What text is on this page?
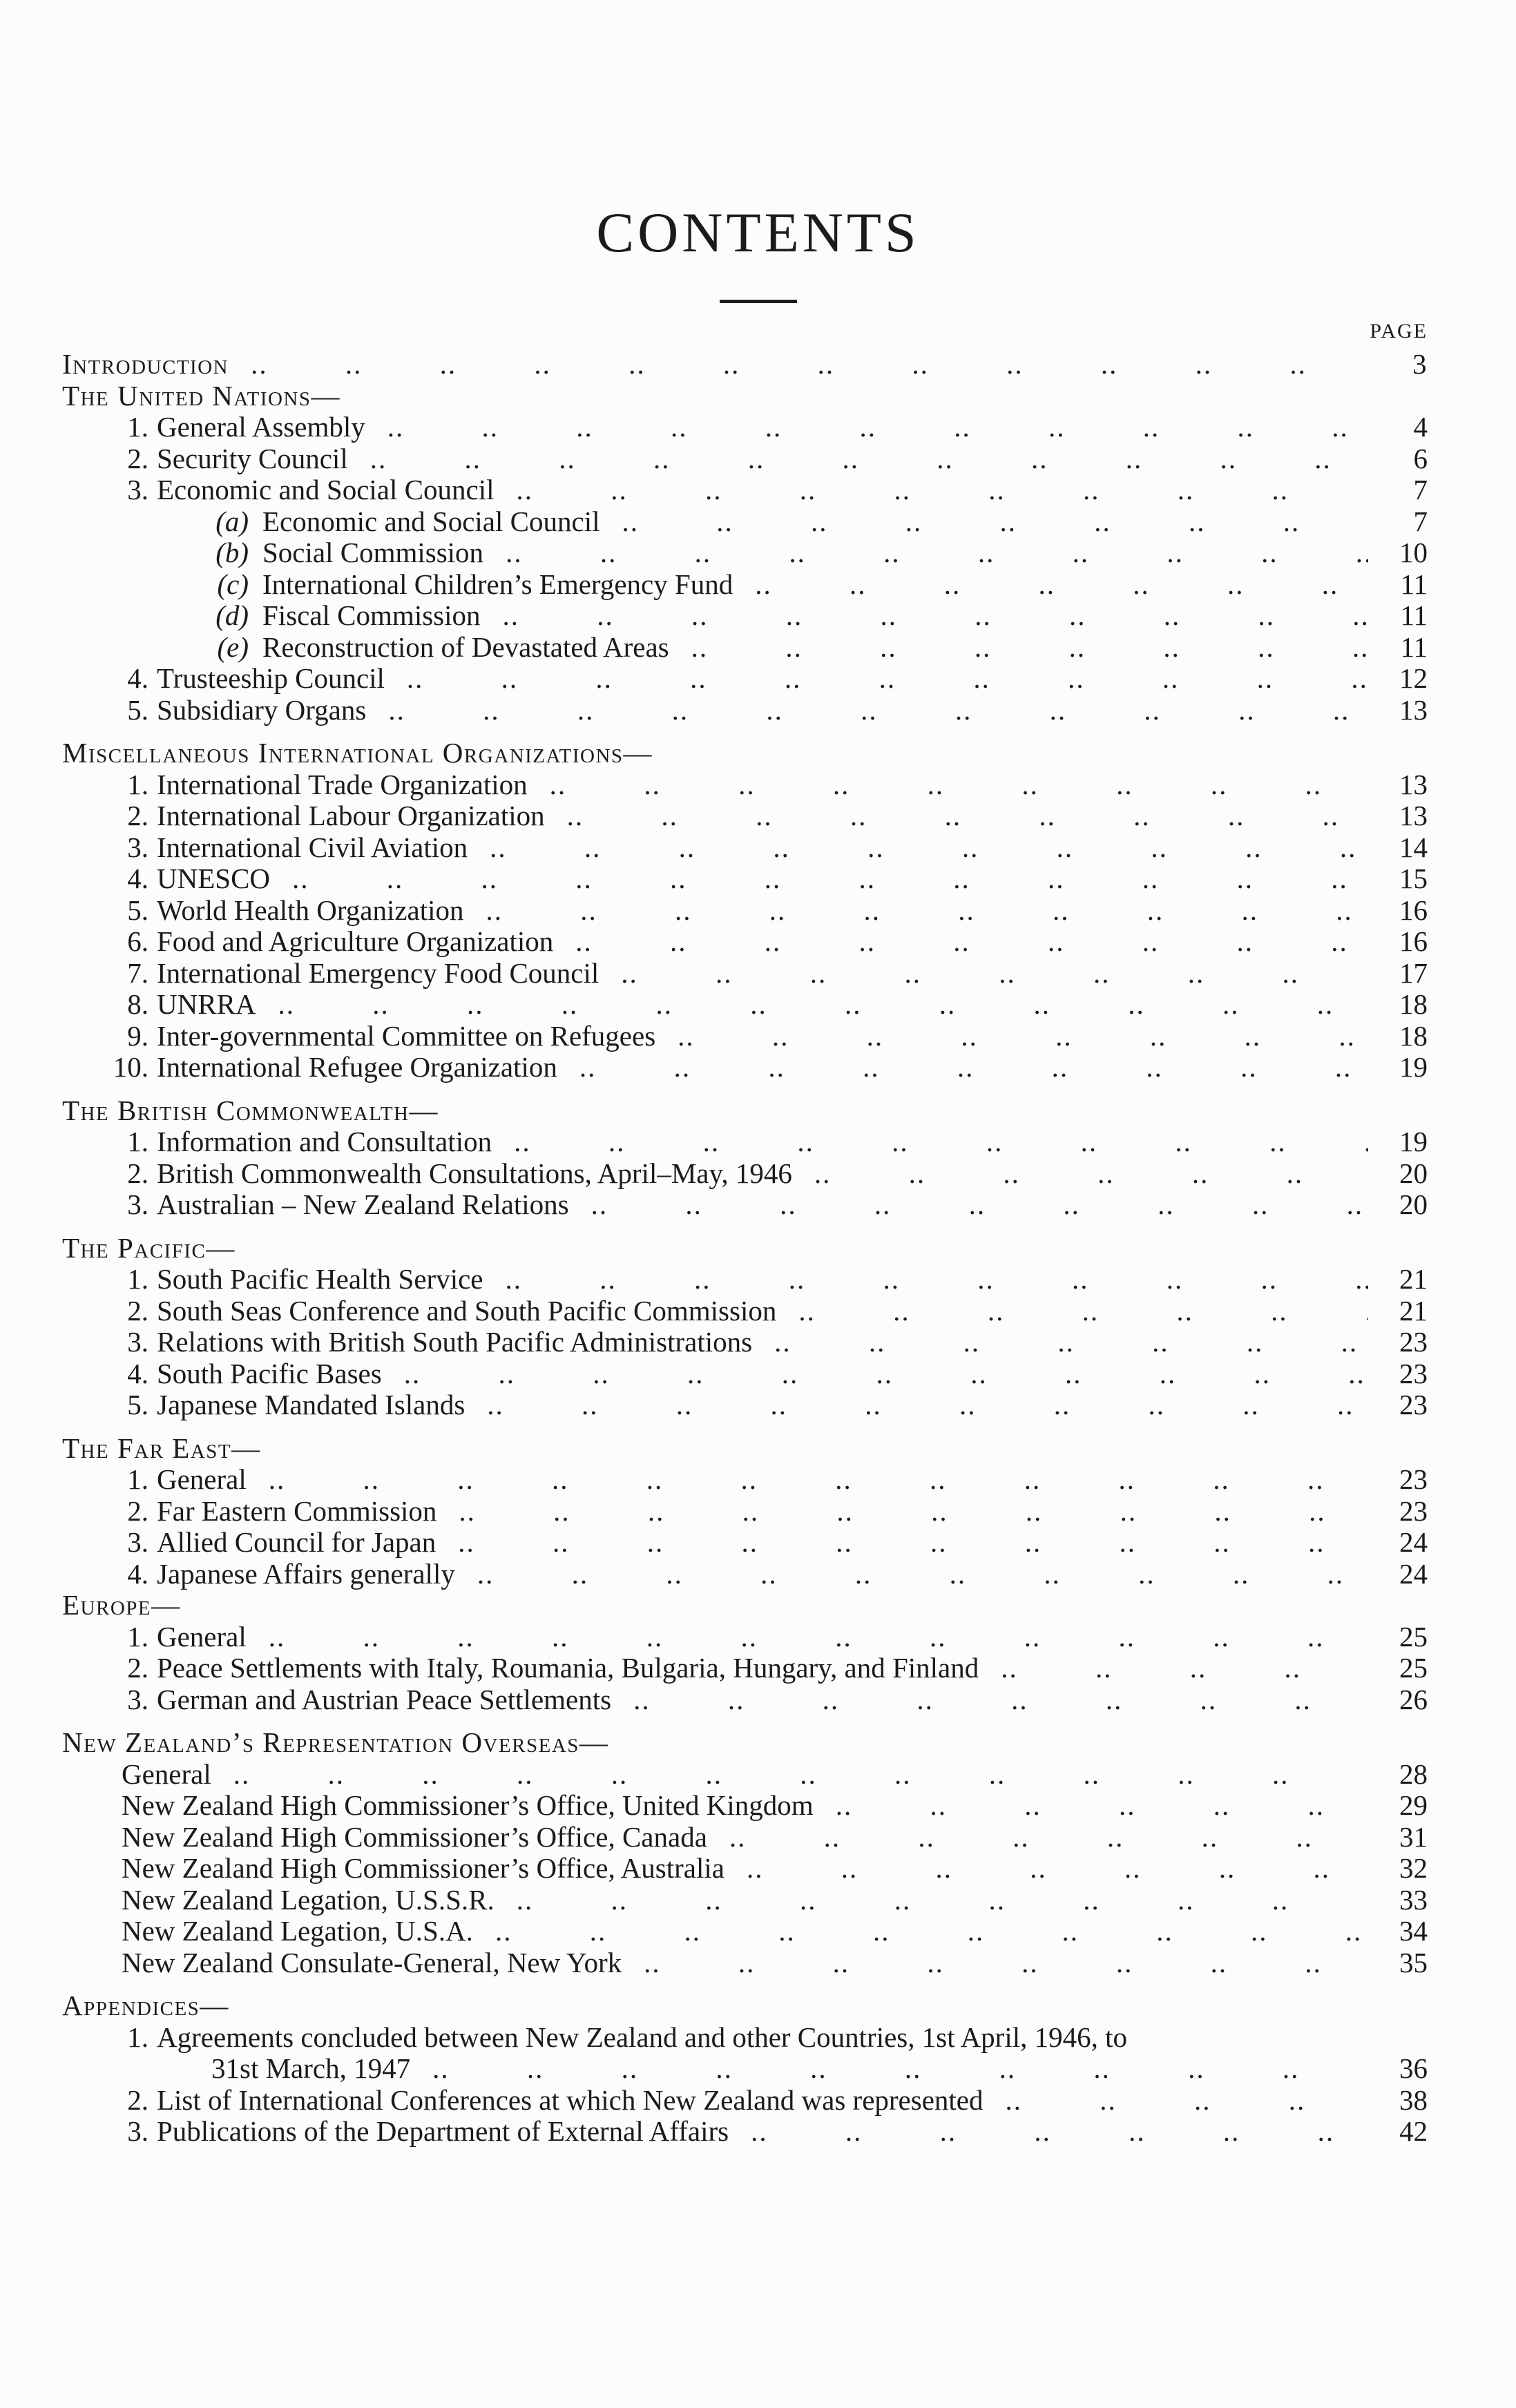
CONTENTS
PAGE
Introduction .. ..	3
The United Nations—
1. General Assembly .. ..	4
2. Security Council .. ..	6
3. Economic and Social Council .. ..	7
(a) Economic and Social Council .. ..	7
(b) Social Commission .. ..	10
(c) International Children’s Emergency Fund .. ..	11
(d) Fiscal Commission .. ..	11
(e) Reconstruction of Devastated Areas .. ..	11
4. Trusteeship Council .. ..	12
5. Subsidiary Organs .. ..	13
Miscellaneous International Organizations—
1. International Trade Organization .. ..	13
2. International Labour Organization .. ..	13
3. International Civil Aviation .. ..	14
4. UNESCO .. ..	15
5. World Health Organization .. ..	16
6. Food and Agriculture Organization .. ..	16
7. International Emergency Food Council .. ..	17
8. UNRRA .. ..	18
9. Inter-governmental Committee on Refugees .. ..	18
10. International Refugee Organization .. ..	19
The British Commonwealth—
1. Information and Consultation .. ..	19
2. British Commonwealth Consultations, April–May, 1946 .. ..	20
3. Australian – New Zealand Relations .. ..	20
The Pacific—
1. South Pacific Health Service .. ..	21
2. South Seas Conference and South Pacific Commission .. ..	21
3. Relations with British South Pacific Administrations .. ..	23
4. South Pacific Bases .. ..	23
5. Japanese Mandated Islands .. ..	23
The Far East—
1. General .. ..	23
2. Far Eastern Commission .. ..	23
3. Allied Council for Japan .. ..	24
4. Japanese Affairs generally .. ..	24
Europe—
1. General .. ..	25
2. Peace Settlements with Italy, Roumania, Bulgaria, Hungary, and Finland .. ..	25
3. German and Austrian Peace Settlements .. ..	26
New Zealand’s Representation Overseas—
General .. ..	28
New Zealand High Commissioner’s Office, United Kingdom .. ..	29
New Zealand High Commissioner’s Office, Canada .. ..	31
New Zealand High Commissioner’s Office, Australia .. ..	32
New Zealand Legation, U.S.S.R. .. ..	33
New Zealand Legation, U.S.A. .. ..	34
New Zealand Consulate-General, New York .. ..	35
Appendices—
1. Agreements concluded between New Zealand and other Countries, 1st April, 1946, to
31st March, 1947 .. ..	36
2. List of International Conferences at which New Zealand was represented .. ..	38
3. Publications of the Department of External Affairs .. ..	42
